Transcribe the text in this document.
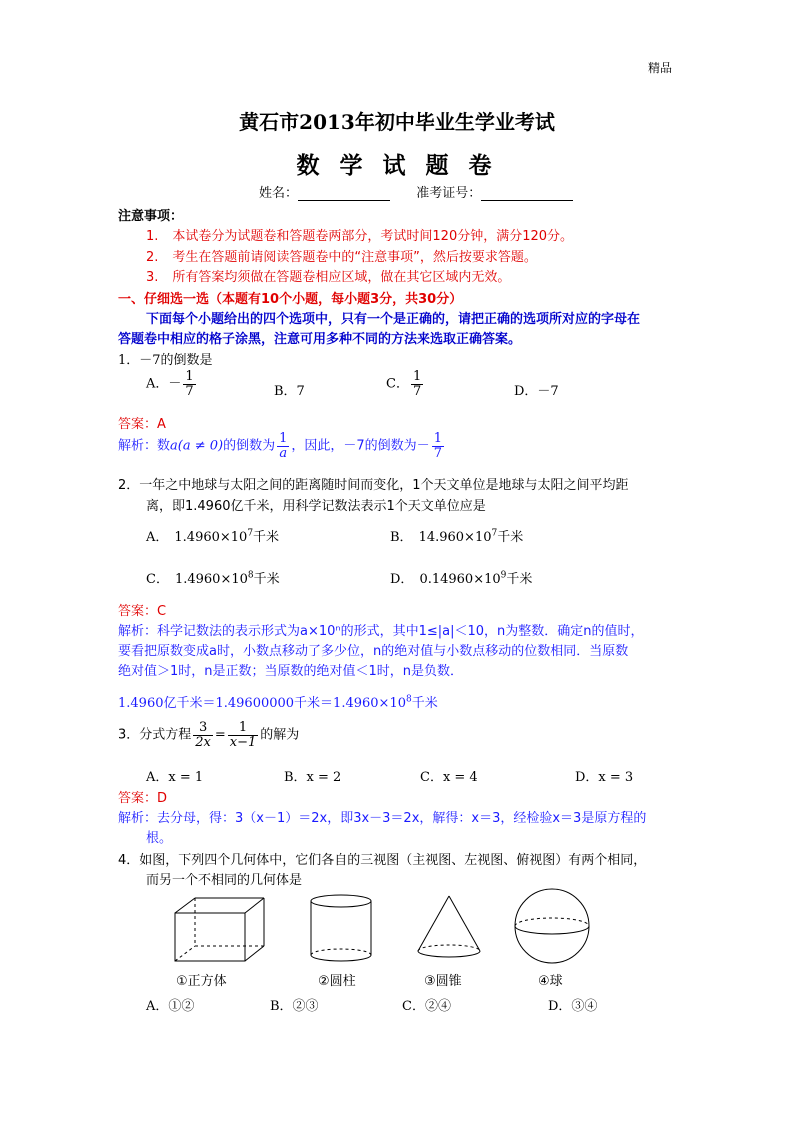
精品
黄石市2013年初中毕业生学业考试
数 学 试 题 卷
姓名：	准考证号：
注意事项：
1. 本试卷分为试题卷和答题卷两部分，考试时间120分钟，满分120分。
2. 考生在答题前请阅读答题卷中的“注意事项”，然后按要求答题。
3. 所有答案均须做在答题卷相应区域，做在其它区域内无效。
一、仔细选一选（本题有10个小题，每小题3分，共30分）
下面每个小题给出的四个选项中，只有一个是正确的，请把正确的选项所对应的字母在
答题卷中相应的格子涂黑，注意可用多种不同的方法来选取正确答案。
1．－7的倒数是
A．－ $\frac{1}{7}$	B．7	C． $\frac{1}{7}$	D．－7
答案：A
解析：数a(a ≠ 0)的倒数为 $\frac{1}{a}$ ，因此，－7的倒数为－ $\frac{1}{7}$
2．一年之中地球与太阳之间的距离随时间而变化，1个天文单位是地球与太阳之间平均距
离，即1.4960亿千米，用科学记数法表示1个天文单位应是
A． $1.4960\times 10^7$千米	B． $14.960\times 10^7$千米
C． $1.4960\times 10^8$千米	D． $0.14960\times 10^9$千米
答案：C
解析：科学记数法的表示形式为a×10ⁿ的形式，其中1≤|a|＜10，n为整数．确定n的值时，
要看把原数变成a时，小数点移动了多少位，n的绝对值与小数点移动的位数相同．当原数
绝对值＞1时，n是正数；当原数的绝对值＜1时，n是负数．
1.4960亿千米＝1.49600000千米$=1.4960\times 10^8$千米
3．分式方程 $\frac{3}{2x} = \frac{1}{x-1}$ 的解为
A．x = 1	B．x = 2	C．x = 4	D．x = 3
答案：D
解析：去分母，得：3（x－1）＝2x，即3x－3＝2x，解得：x＝3，经检验x＝3是原方程的
根。
4．如图，下列四个几何体中，它们各自的三视图（主视图、左视图、俯视图）有两个相同，
而另一个不相同的几何体是
①正方体	②圆柱	③圆锥	④球
A．①②	B．②③	C．②④	D．③④
